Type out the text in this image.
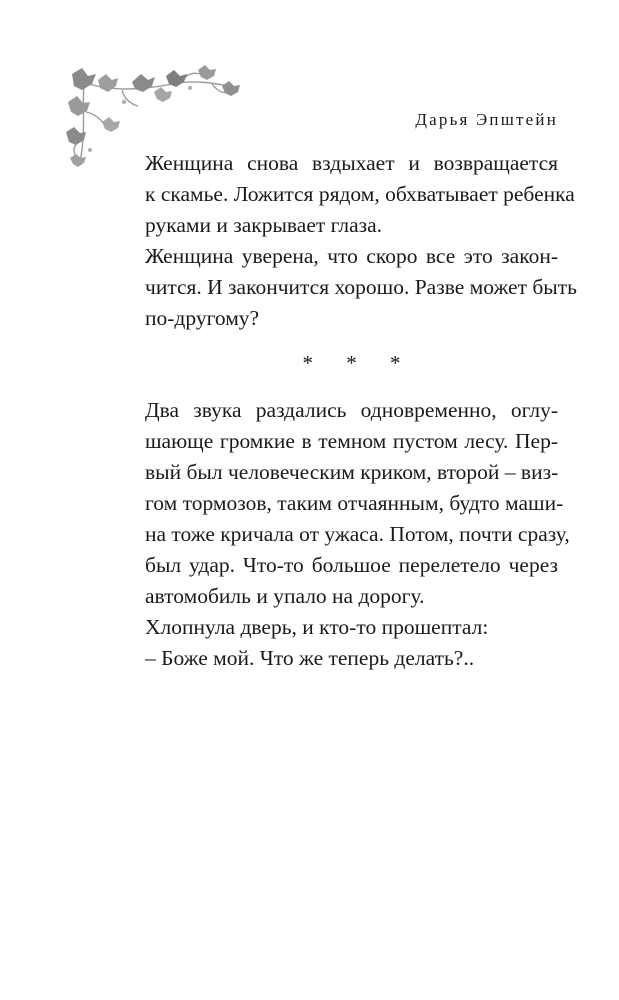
Дарья Эпштейн

Женщина снова вздыхает и возвращается
к скамье. Ложится рядом, обхватывает ребенка
руками и закрывает глаза.

Женщина уверена, что скоро все это закон-
чится. И закончится хорошо. Разве может быть
по-другому?

* * *

Два звука раздались одновременно, оглу-
шающе громкие в темном пустом лесу. Пер-
вый был человеческим криком, второй – виз-
гом тормозов, таким отчаянным, будто маши-
на тоже кричала от ужаса. Потом, почти сразу,
был удар. Что-то большое перелетело через
автомобиль и упало на дорогу.

Хлопнула дверь, и кто-то прошептал:

– Боже мой. Что же теперь делать?..
